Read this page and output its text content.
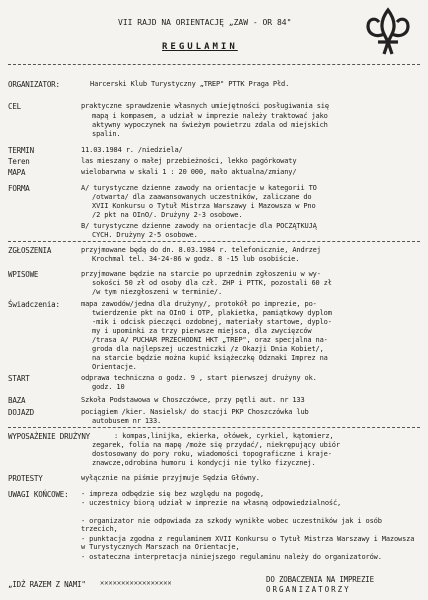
VII RAJD NA ORIENTACJĘ „ZAW - OR 84"
REGULAMIN
ORGANIZATOR:	Harcerski Klub Turystyczny „TREP" PTTK Praga Płd.
CEL	praktyczne sprawdzenie własnych umiejętności posługiwania się
mapą i kompasem, a udział w imprezie należy traktować jako
aktywny wypoczynek na świeżym powietrzu zdala od miejskich
spalin.
TERMIN	11.03.1984 r. /niedziela/
Teren	las mieszany o małej przebieżności, lekko pagórkowaty
MAPA	wielobarwna w skali 1 : 20 000, mało aktualna/zmiany/
FORMA	A/ turystyczne dzienne zawody na orientacje w kategorii TO
/otwarta/ dla zaawansowanych uczestników, zaliczane do
XVII Konkursu o Tytuł Mistrza Warszawy i Mazowsza w Pno
/2 pkt na OInO/. Drużyny 2-3 osobowe.
B/ turystyczne dzienne zawody na orientacje dla POCZĄTKUJĄ
CYCH. Drużyny 2-5 osobowe.
ZGŁOSZENIA	przyjmowane będą do dn. 8.03.1984 r. telefonicznie, Andrzej
Krochmal tel. 34-24-86 w godz. 8 -15 lub osobiście.
WPISOWE	przyjmowane będzie na starcie po uprzednim zgłoszeniu w wy-
sokości 50 zł od osoby dla czł. ZHP i PTTK, pozostali 60 zł
/w tym niezgłoszeni w terminie/.
Świadczenia:	mapa zawodów/jedna dla drużyny/, protokół po imprezie, po-
twierdzenie pkt na OInO i OTP, plakietka, pamiątkowy dyplom
-mik i odcisk pieczęci ozdobnej, materiały startowe, dyplo-
my i upominki za trzy pierwsze miejsca, dla zwycięzców
/trasa A/ PUCHAR PRZECHODNI HKT „TREP", oraz specjalna na-
groda dla najlepszej uczestniczki /z Okazji Dnia Kobiet/,
na starcie będzie można kupić książeczkę Odznaki Imprez na
Orientacje.
START	odprawa techniczna o godz. 9 , start pierwszej drużyny ok.
godz. 10
BAZA	Szkoła Podstawowa w Choszczówce, przy pętli aut. nr 133
DOJAZD	pociągiem /kier. Nasielsk/ do stacji PKP Choszczówka lub
autobusem nr 133.
WYPOSAŻENIE DRUŻYNY	: kompas,linijka, ekierka, ołówek, cyrkiel, kątomierz,
zegarek, folia na mapę /może się przydać/, niekrępujący ubiór
dostosowany do pory roku, wiadomości topograficzne i kraje-
znawcze,odrobina humoru i kondycji nie tylko fizycznej.
PROTESTY	wyłącznie na piśmie przyjmuje Sędzia Główny.
UWAGI KOŃCOWE: - impreza odbędzie się bez względu na pogodę,
- uczestnicy biorą udział w imprezie na własną odpowiedzialność,
- organizator nie odpowiada za szkody wynikłe wobec uczestników jak i osób trzecich,
- punktacja zgodna z regulaminem XVII Konkursu o Tytuł Mistrza Warszawy i Mazowsza w Turystycznych Marszach na Orientacje,
- ostateczna interpretacja niniejszego regulaminu należy do organizatorów.
„IDŹ RAZEM Z NAMI" ✕✕✕✕✕✕✕✕✕✕✕✕✕✕✕✕✕	DO ZOBACZENIA NA IMPREZIE
ORGANIZATORZY
